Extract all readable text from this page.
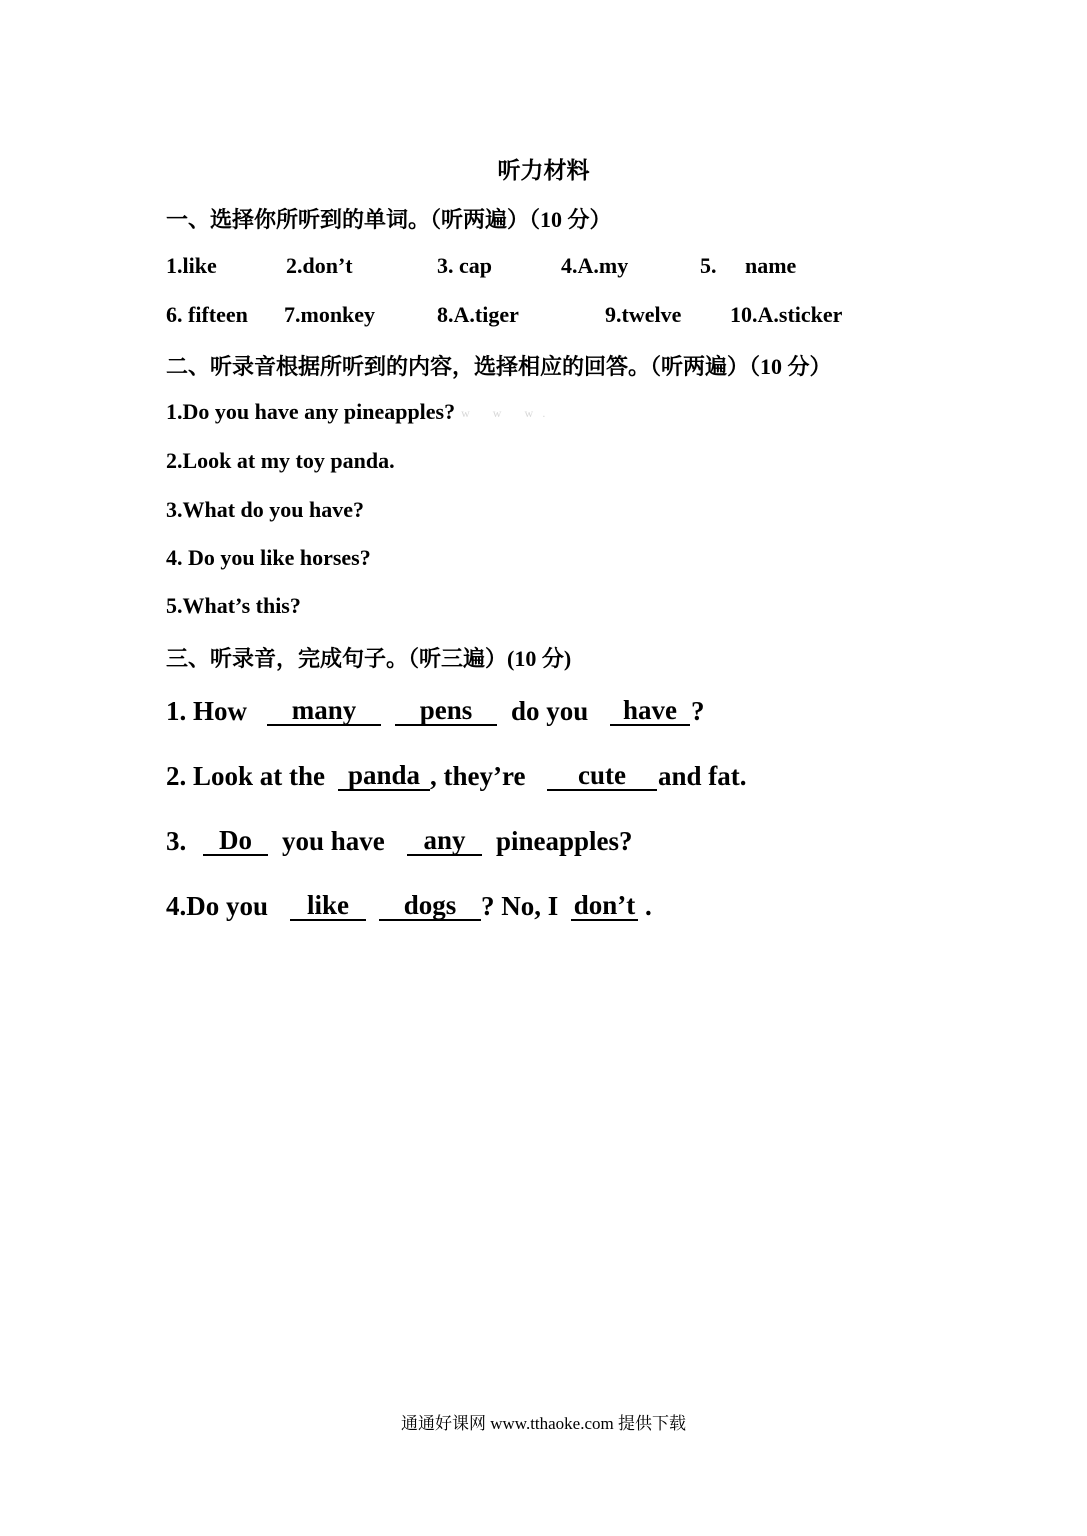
听力材料
一、选择你所听到的单词。（听两遍）（10 分）
1.like	2.don’t	3. cap	4.A.my	5. name
6. fifteen 7.monkey	8.A.tiger	9.twelve 10.A.sticker
二、听录音根据所听到的内容，选择相应的回答。（听两遍）（10 分）
1.Do you have any pineapples? w w w.
2.Look at my toy panda.
3.What do you have?
4. Do you like horses?
5.What’s this?
三、听录音，完成句子。（听三遍）(10 分)
1. How	many	pens	do you	have ?
2. Look at the panda , they’re	cute	and fat.
3.	Do	you have	any	pineapples?
4.Do you	like	dogs ? No, I don’t .
通通好课网 www.tthaoke.com 提供下载
